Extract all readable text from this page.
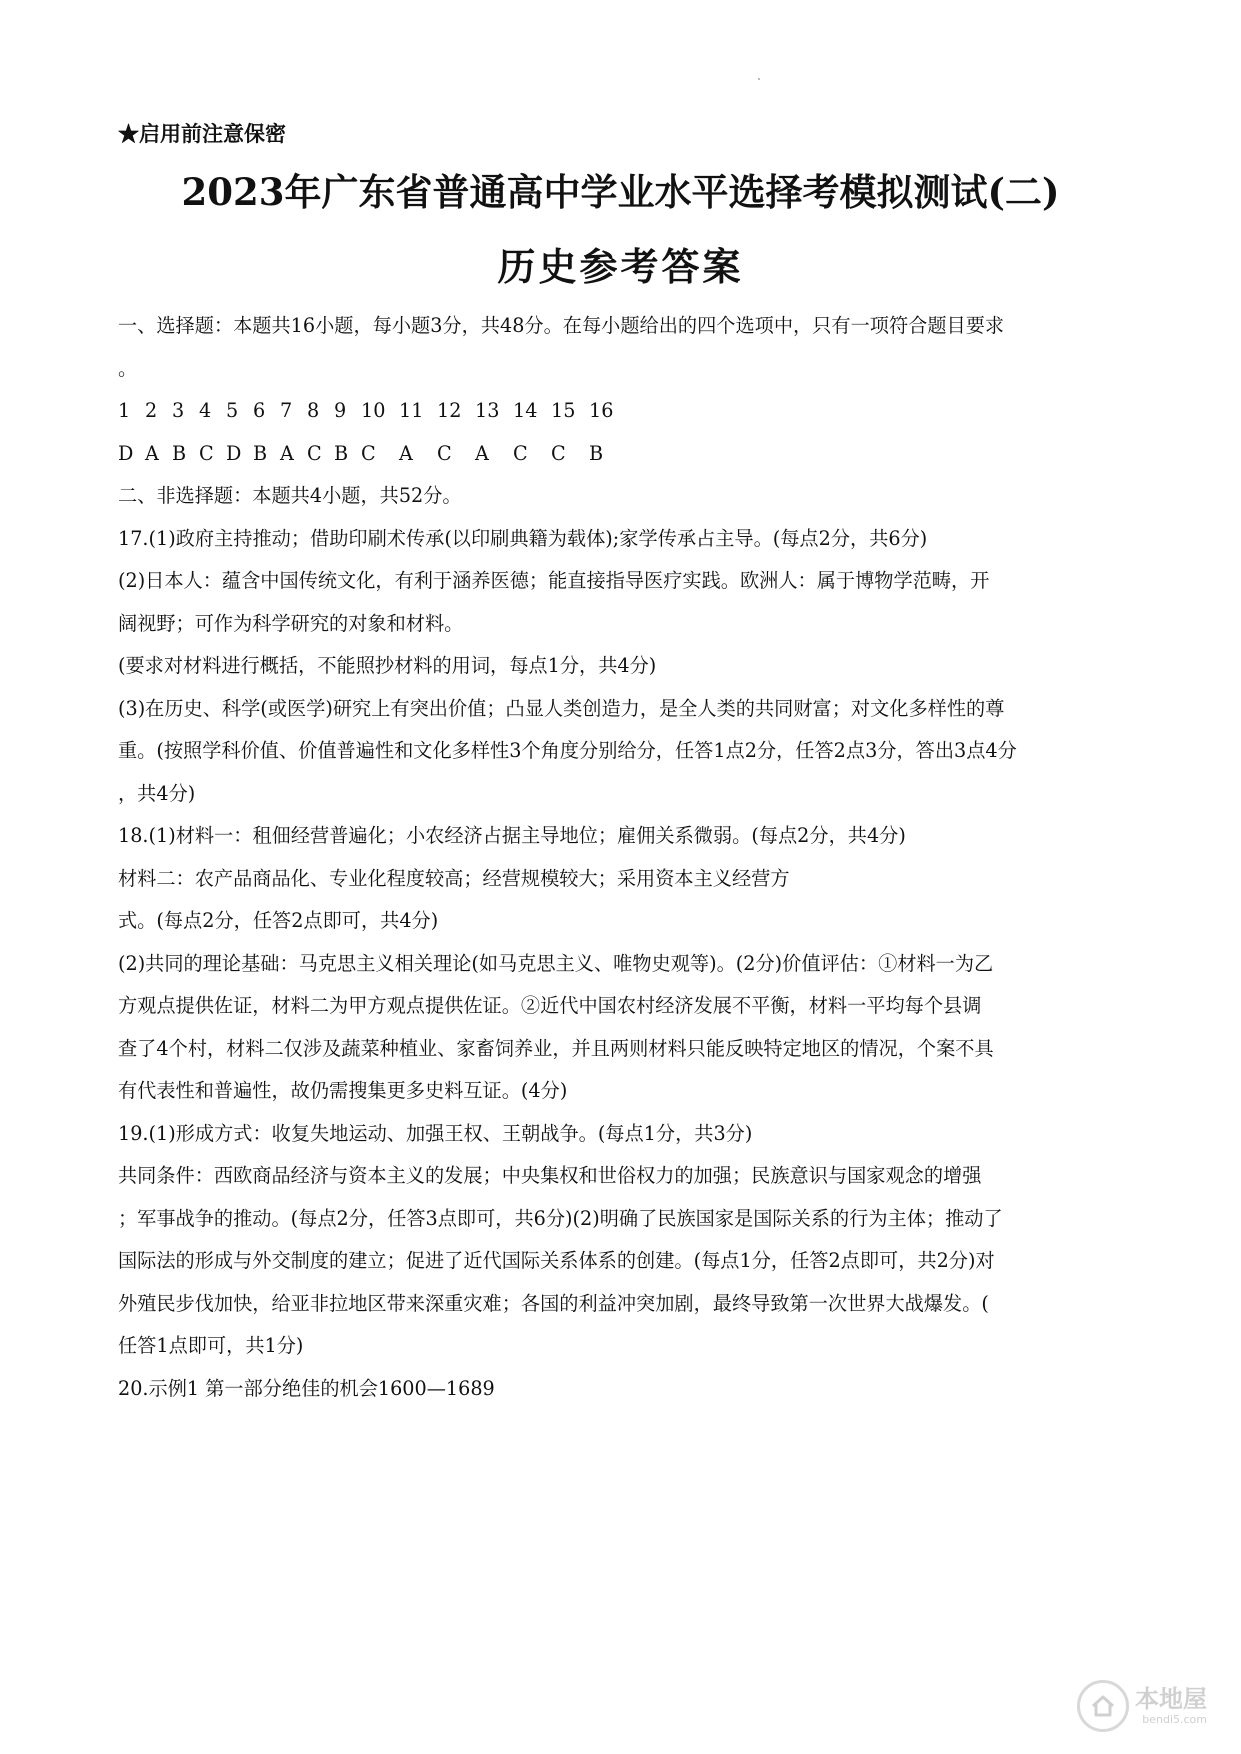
★启用前注意保密
2023年广东省普通高中学业水平选择考模拟测试(二)
历史参考答案

一、选择题：本题共16小题，每小题3分，共48分。在每小题给出的四个选项中，只有一项符合题目要求

。

1 2 3 4 5 6 7 8 9 10 11 12 13 14 15 16
D A B C D B A C B C	A	C	A	C	C	B

二、非选择题：本题共4小题，共52分。

17.(1)政府主持推动；借助印刷术传承(以印刷典籍为载体);家学传承占主导。(每点2分，共6分)

(2)日本人：蕴含中国传统文化，有利于涵养医德；能直接指导医疗实践。欧洲人：属于博物学范畴，开

阔视野；可作为科学研究的对象和材料。

(要求对材料进行概括，不能照抄材料的用词，每点1分，共4分)

(3)在历史、科学(或医学)研究上有突出价值；凸显人类创造力，是全人类的共同财富；对文化多样性的尊

重。(按照学科价值、价值普遍性和文化多样性3个角度分别给分，任答1点2分，任答2点3分，答出3点4分

，共4分)

18.(1)材料一：租佃经营普遍化；小农经济占据主导地位；雇佣关系微弱。(每点2分，共4分)

材料二：农产品商品化、专业化程度较高；经营规模较大；采用资本主义经营方

式。(每点2分，任答2点即可，共4分)

(2)共同的理论基础：马克思主义相关理论(如马克思主义、唯物史观等)。(2分)价值评估：①材料一为乙

方观点提供佐证，材料二为甲方观点提供佐证。②近代中国农村经济发展不平衡，材料一平均每个县调

查了4个村，材料二仅涉及蔬菜种植业、家畜饲养业，并且两则材料只能反映特定地区的情况，个案不具

有代表性和普遍性，故仍需搜集更多史料互证。(4分)

19.(1)形成方式：收复失地运动、加强王权、王朝战争。(每点1分，共3分)

共同条件：西欧商品经济与资本主义的发展；中央集权和世俗权力的加强；民族意识与国家观念的增强

；军事战争的推动。(每点2分，任答3点即可，共6分)(2)明确了民族国家是国际关系的行为主体；推动了

国际法的形成与外交制度的建立；促进了近代国际关系体系的创建。(每点1分，任答2点即可，共2分)对

外殖民步伐加快，给亚非拉地区带来深重灾难；各国的利益冲突加剧，最终导致第一次世界大战爆发。(

任答1点即可，共1分)

20.示例1 第一部分绝佳的机会1600—1689

本地屋
bendi5.com
